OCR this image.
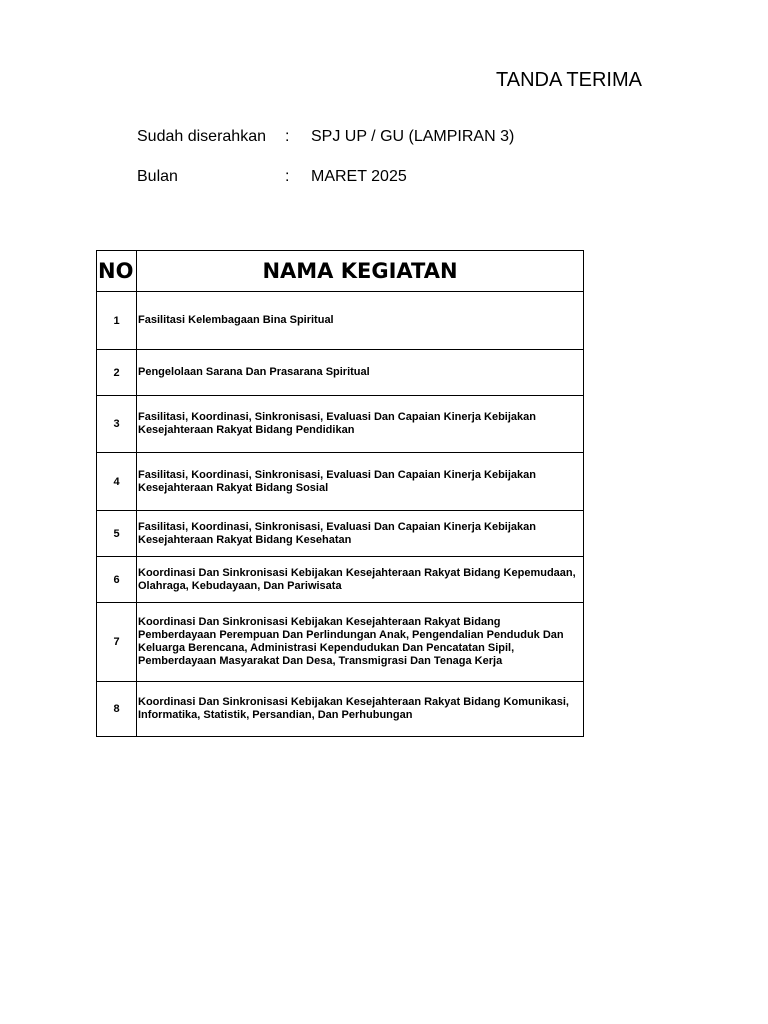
TANDA TERIMA
Sudah diserahkan : SPJ UP / GU (LAMPIRAN 3)
Bulan	: MARET 2025
NO	NAMA KEGIATAN
1	Fasilitasi Kelembagaan Bina Spiritual
2	Pengelolaan Sarana Dan Prasarana Spiritual
3	Fasilitasi, Koordinasi, Sinkronisasi, Evaluasi Dan Capaian Kinerja Kebijakan Kesejahteraan Rakyat Bidang Pendidikan
4	Fasilitasi, Koordinasi, Sinkronisasi, Evaluasi Dan Capaian Kinerja Kebijakan Kesejahteraan Rakyat Bidang Sosial
5	Fasilitasi, Koordinasi, Sinkronisasi, Evaluasi Dan Capaian Kinerja Kebijakan Kesejahteraan Rakyat Bidang Kesehatan
6	Koordinasi Dan Sinkronisasi Kebijakan Kesejahteraan Rakyat Bidang Kepemudaan, Olahraga, Kebudayaan, Dan Pariwisata
7	Koordinasi Dan Sinkronisasi Kebijakan Kesejahteraan Rakyat Bidang Pemberdayaan Perempuan Dan Perlindungan Anak, Pengendalian Penduduk Dan Keluarga Berencana, Administrasi Kependudukan Dan Pencatatan Sipil, Pemberdayaan Masyarakat Dan Desa, Transmigrasi Dan Tenaga Kerja
8	Koordinasi Dan Sinkronisasi Kebijakan Kesejahteraan Rakyat Bidang Komunikasi, Informatika, Statistik, Persandian, Dan Perhubungan
